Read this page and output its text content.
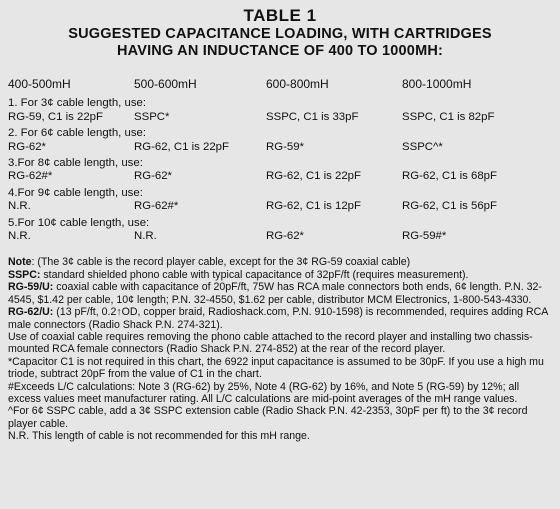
TABLE 1
SUGGESTED CAPACITANCE LOADING, WITH CARTRIDGES
HAVING AN INDUCTANCE OF 400 TO 1000MH:
400-500mH	500-600mH	600-800mH	800-1000mH
1. For 3¢ cable length, use:
RG-59, C1 is 22pF	SSPC*	SSPC, C1 is 33pF	SSPC, C1 is 82pF
2. For 6¢ cable length, use:
RG-62*	RG-62, C1 is 22pF	RG-59*	SSPC^*
3.For 8¢ cable length, use:
RG-62#*	RG-62*	RG-62, C1 is 22pF	RG-62, C1 is 68pF
4.For 9¢ cable length, use:
N.R.	RG-62#*	RG-62, C1 is 12pF	RG-62, C1 is 56pF
5.For 10¢ cable length, use:
N.R.	N.R.	RG-62*	RG-59#*

Note: (The 3¢ cable is the record player cable, except for the 3¢ RG-59 coaxial cable)

SSPC: standard shielded phono cable with typical capacitance of 32pF/ft (requires measurement).

RG-59/U: coaxial cable with capacitance of 20pF/ft, 75W has RCA male connectors both ends, 6¢ length. P.N. 32-4545, $1.42 per cable, 10¢ length; P.N. 32-4550, $1.62 per cable, distributor MCM Electronics, 1-800-543-4330.

RG-62/U: (13 pF/ft, 0.2↑OD, copper braid, Radioshack.com, P.N. 910-1598) is recommended, requires adding RCA male connectors (Radio Shack P.N. 274-321).

Use of coaxial cable requires removing the phono cable attached to the record player and installing two chassis-mounted RCA female connectors (Radio Shack P.N. 274-852) at the rear of the record player.

*Capacitor C1 is not required in this chart, the 6922 input capacitance is assumed to be 30pF. If you use a high mu triode, subtract 20pF from the value of C1 in the chart.

#Exceeds L/C calculations: Note 3 (RG-62) by 25%, Note 4 (RG-62) by 16%, and Note 5 (RG-59) by 12%; all excess values meet manufacturer rating. All L/C calculations are mid-point averages of the mH range values.

^For 6¢ SSPC cable, add a 3¢ SSPC extension cable (Radio Shack P.N. 42-2353, 30pF per ft) to the 3¢ record player cable.

N.R. This length of cable is not recommended for this mH range.
